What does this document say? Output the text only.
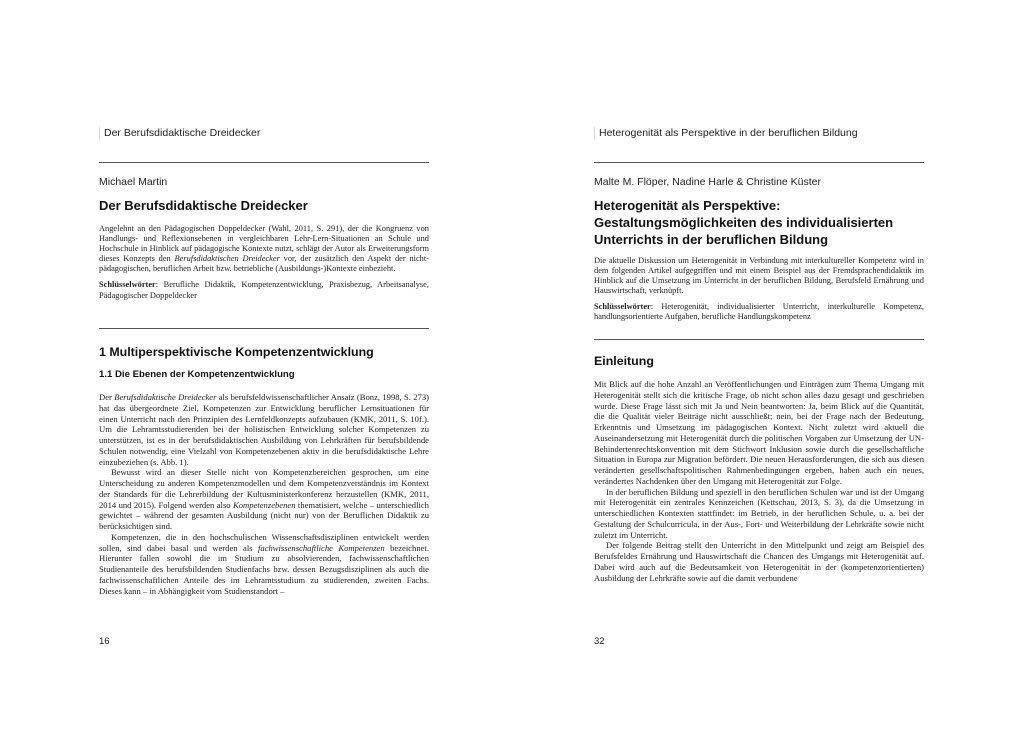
Der Berufsdidaktische Dreidecker
Michael Martin
Der Berufsdidaktische Dreidecker

Angelehnt an den Pädagogischen Doppeldecker (Wahl, 2011, S. 291), der die Kongruenz von Handlungs- und Reflexionsebenen in vergleichbaren Lehr-Lern-Situationen an Schule und Hochschule in Hinblick auf pädagogische Kontexte nutzt, schlägt der Autor als Erweiterungsform dieses Konzepts den Berufsdidaktischen Dreidecker vor, der zusätzlich den Aspekt der nicht-pädagogischen, beruflichen Arbeit bzw. betriebliche (Ausbildungs-)Kontexte einbezieht.

Schlüsselwörter: Berufliche Didaktik, Kompetenzentwicklung, Praxisbezug, Arbeitsanalyse, Pädagogischer Doppeldecker

1 Multiperspektivische Kompetenzentwicklung
1.1 Die Ebenen der Kompetenzentwicklung

Der Berufsdidaktische Dreidecker als berufsfeldwissenschaftlicher Ansatz (Bonz, 1998, S. 273) hat das übergeordnete Ziel, Kompetenzen zur Entwicklung beruflicher Lernsituationen für einen Unterricht nach den Prinzipien des Lernfeldkonzepts aufzubauen (KMK, 2011, S. 10f.). Um die Lehramtsstudierenden bei der holistischen Entwicklung solcher Kompetenzen zu unterstützen, ist es in der berufsdidaktischen Ausbildung von Lehrkräften für berufsbildende Schulen notwendig, eine Vielzahl von Kompetenzebenen aktiv in die berufsdidaktische Lehre einzubeziehen (s. Abb. 1).

Bewusst wird an dieser Stelle nicht von Kompetenzbereichen gesprochen, um eine Unterscheidung zu anderen Kompetenzmodellen und dem Kompetenzverständnis im Kontext der Standards für die Lehrerbildung der Kultusministerkonferenz herzustellen (KMK, 2011, 2014 und 2015). Folgend werden also Kompetenzebenen thematisiert, welche – unterschiedlich gewichtet – während der gesamten Ausbildung (nicht nur) von der Beruflichen Didaktik zu berücksichtigen sind.

Kompetenzen, die in den hochschulischen Wissenschaftsdisziplinen entwickelt werden sollen, sind dabei basal und werden als fachwissenschaftliche Kompetenzen bezeichnet. Hierunter fallen sowohl die im Studium zu absolvierenden, fachwissenschaftlichen Studienanteile des berufsbildenden Studienfachs bzw. dessen Bezugsdisziplinen als auch die fachwissenschaftlichen Anteile des im Lehramtsstudium zu studierenden, zweiten Fachs. Dieses kann – in Abhängigkeit vom Studienstandort –

16
Heterogenität als Perspektive in der beruflichen Bildung
Malte M. Flöper, Nadine Harle & Christine Küster
Heterogenität als Perspektive:
Gestaltungsmöglichkeiten des individualisierten
Unterrichts in der beruflichen Bildung

Die aktuelle Diskussion um Heterogenität in Verbindung mit interkultureller Kompetenz wird in dem folgenden Artikel aufgegriffen und mit einem Beispiel aus der Fremdsprachendidaktik im Hinblick auf die Umsetzung im Unterricht in der beruflichen Bildung, Berufsfeld Ernährung und Hauswirtschaft, verknüpft.

Schlüsselwörter: Heterogenität, individualisierter Unterricht, interkulturelle Kompetenz, handlungsorientierte Aufgaben, berufliche Handlungskompetenz

Einleitung

Mit Blick auf die hohe Anzahl an Veröffentlichungen und Einträgen zum Thema Umgang mit Heterogenität stellt sich die kritische Frage, ob nicht schon alles dazu gesagt und geschrieben wurde. Diese Frage lässt sich mit Ja und Nein beantworten: Ja, beim Blick auf die Quantität, die die Qualität vieler Beiträge nicht ausschließt; nein, bei der Frage nach der Bedeutung, Erkenntnis und Umsetzung im pädagogischen Kontext. Nicht zuletzt wird aktuell die Auseinandersetzung mit Heterogenität durch die politischen Vorgaben zur Umsetzung der UN-Behindertenrechtskonvention mit dem Stichwort Inklusion sowie durch die gesellschaftliche Situation in Europa zur Migration befördert. Die neuen Herausforderungen, die sich aus diesen veränderten gesellschaftspolitischen Rahmenbedingungen ergeben, haben auch ein neues, verändertes Nachdenken über den Umgang mit Heterogenität zur Folge.

In der beruflichen Bildung und speziell in den beruflichen Schulen war und ist der Umgang mit Heterogenität ein zentrales Kennzeichen (Kettschau, 2013, S. 3), da die Umsetzung in unterschiedlichen Kontexten stattfindet: im Betrieb, in der beruflichen Schule, u. a. bei der Gestaltung der Schulcurricula, in der Aus-, Fort- und Weiterbildung der Lehrkräfte sowie nicht zuletzt im Unterricht.

Der folgende Beitrag stellt den Unterricht in den Mittelpunkt und zeigt am Beispiel des Berufsfeldes Ernährung und Hauswirtschaft die Chancen des Umgangs mit Heterogenität auf. Dabei wird auch auf die Bedeutsamkeit von Heterogenität in der (kompetenzorientierten) Ausbildung der Lehrkräfte sowie auf die damit verbundene

32
